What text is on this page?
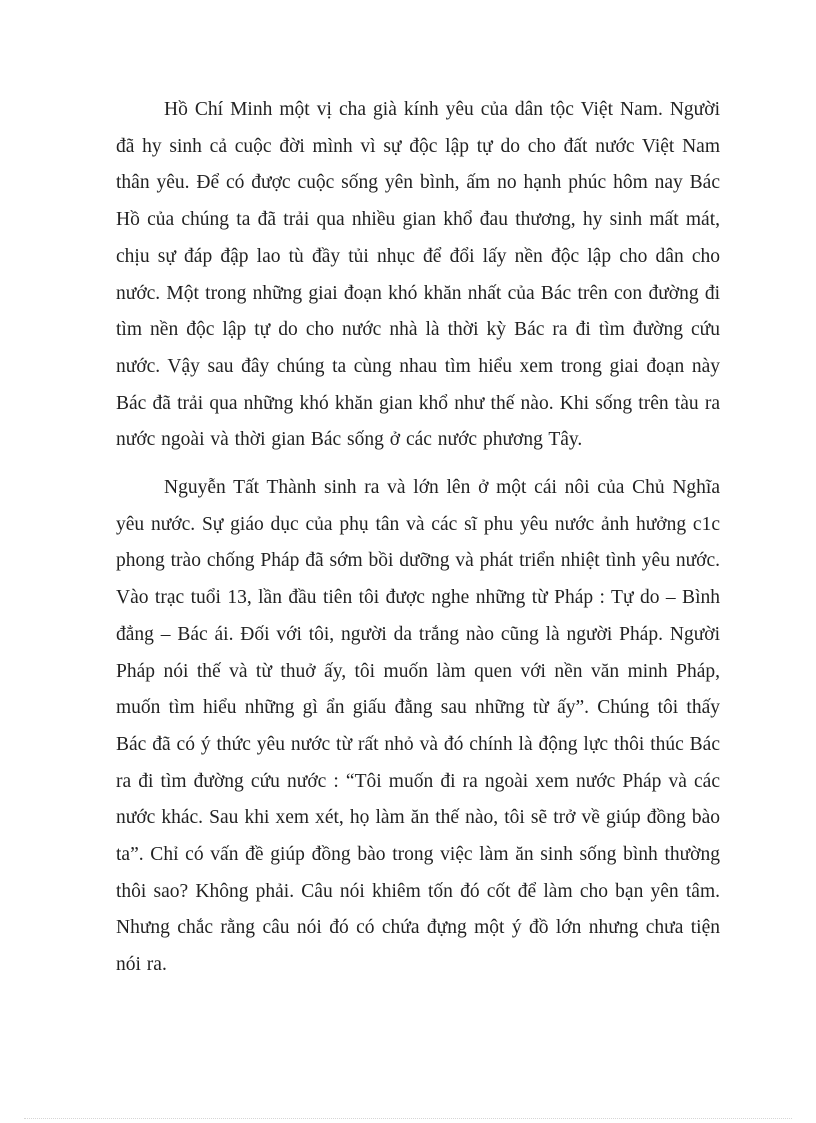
Hồ Chí Minh một vị cha già kính yêu của dân tộc Việt Nam. Người đã hy sinh cả cuộc đời mình vì sự độc lập tự do cho đất nước Việt Nam thân yêu. Để có được cuộc sống yên bình, ấm no hạnh phúc hôm nay Bác Hồ của chúng ta đã trải qua nhiều gian khổ đau thương, hy sinh mất mát, chịu sự đáp đập lao tù đầy tủi nhục để đổi lấy nền độc lập cho dân cho nước. Một trong những giai đoạn khó khăn nhất của Bác trên con đường đi tìm nền độc lập tự do cho nước nhà là thời kỳ Bác ra đi tìm đường cứu nước. Vậy sau đây chúng ta cùng nhau tìm hiểu xem trong giai đoạn này Bác đã trải qua những khó khăn gian khổ như thế nào. Khi sống trên tàu ra nước ngoài và thời gian Bác sống ở các nước phương Tây.

Nguyễn Tất Thành sinh ra và lớn lên ở một cái nôi của Chủ Nghĩa yêu nước. Sự giáo dục của phụ tân và các sĩ phu yêu nước ảnh hưởng c1c phong trào chống Pháp đã sớm bồi dưỡng và phát triển nhiệt tình yêu nước. Vào trạc tuổi 13, lần đầu tiên tôi được nghe những từ Pháp : Tự do – Bình đẳng – Bác ái. Đối với tôi, người da trắng nào cũng là người Pháp. Người Pháp nói thế và từ thuở ấy, tôi muốn làm quen với nền văn minh Pháp, muốn tìm hiểu những gì ẩn giấu đằng sau những từ ấy”. Chúng tôi thấy Bác đã có ý thức yêu nước từ rất nhỏ và đó chính là động lực thôi thúc Bác ra đi tìm đường cứu nước : “Tôi muốn đi ra ngoài xem nước Pháp và các nước khác. Sau khi xem xét, họ làm ăn thế nào, tôi sẽ trở về giúp đồng bào ta”. Chỉ có vấn đề giúp đồng bào trong việc làm ăn sinh sống bình thường thôi sao? Không phải. Câu nói khiêm tốn đó cốt để làm cho bạn yên tâm. Nhưng chắc rằng câu nói đó có chứa đựng một ý đồ lớn nhưng chưa tiện nói ra.
